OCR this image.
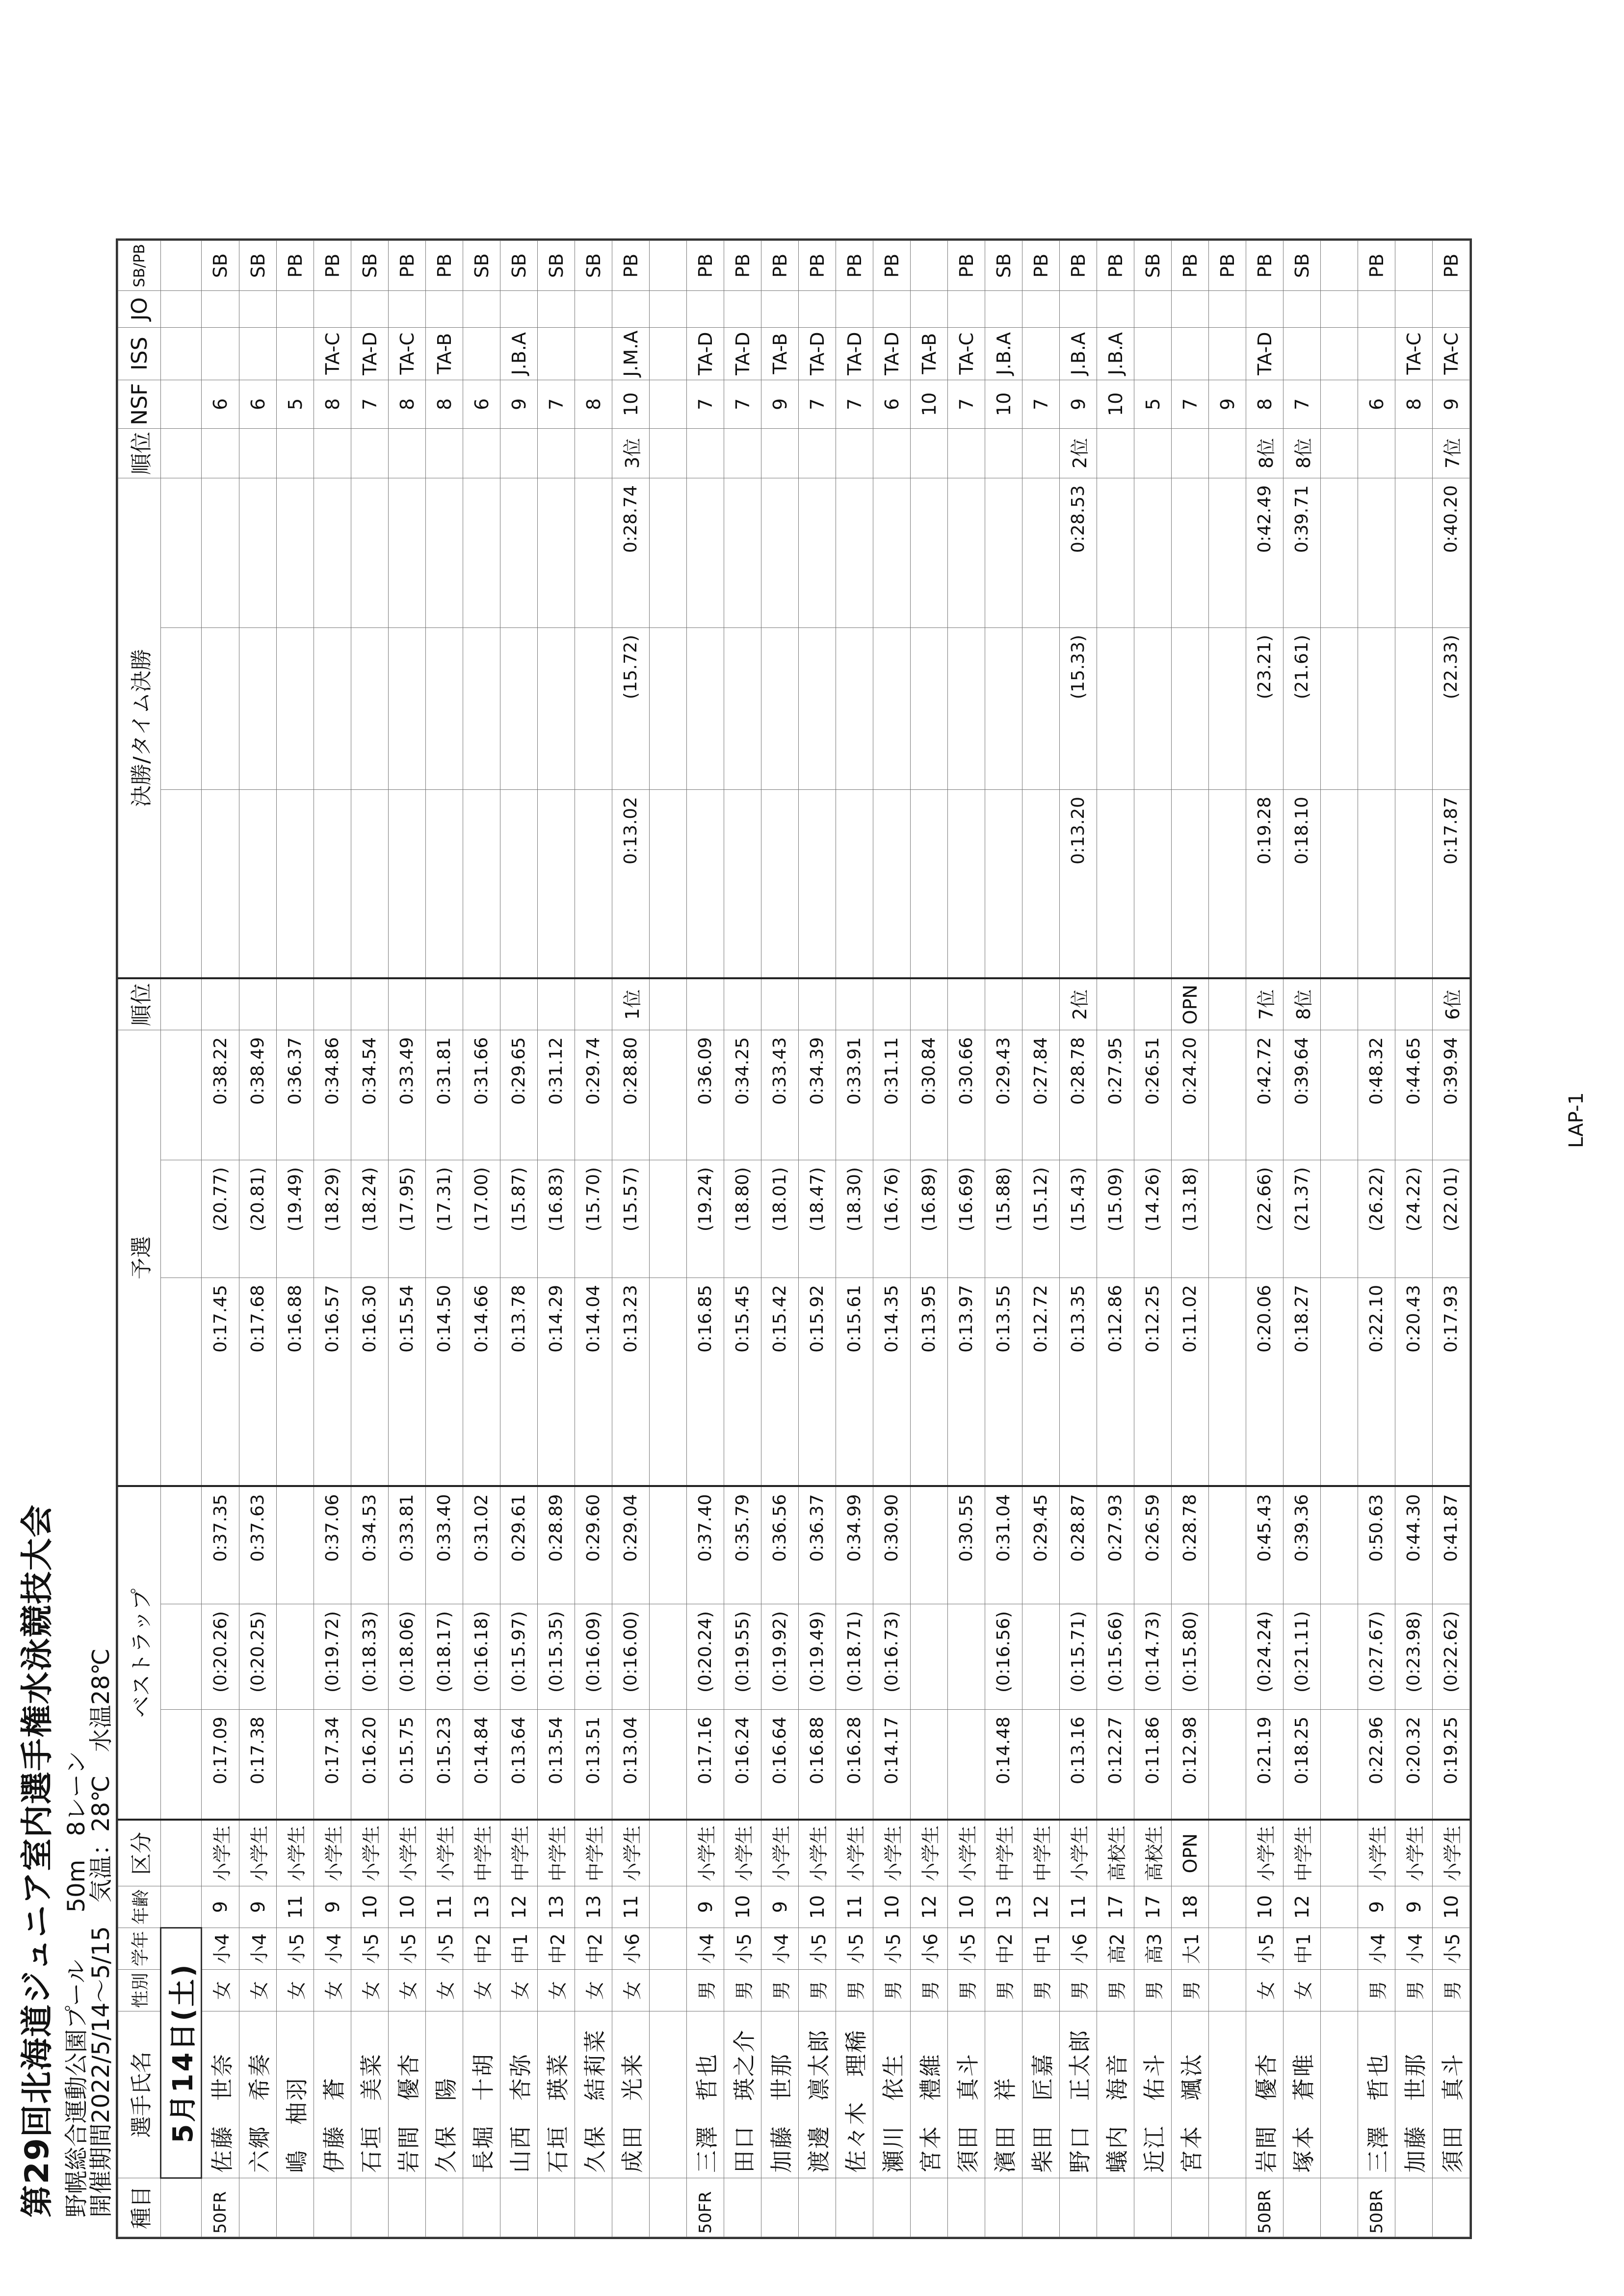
第29回北海道ジュニア室内選手権水泳競技大会 野幌総合運動公園プール　　50m　8レーン
開催期間2022/5/14～5/15　気温：28℃　水温28℃ 種目	選手氏名	性別	学年	年齢	区分	ベストラップ			予選			順位	決勝/タイム決勝			順位	NSF	ISS	JO	SB/PB
	5月14日(土)																			
50FR	佐藤　世奈	女	小4	9	小学生	0:17.09	(0:20.26)	0:37.35	0:17.45	(20.77)	0:38.22						6			SB
	六郷　希奏	女	小4	9	小学生	0:17.38	(0:20.25)	0:37.63	0:17.68	(20.81)	0:38.49						6			SB
	嶋　柚羽	女	小5	11	小学生				0:16.88	(19.49)	0:36.37						5			PB
	伊藤　蒼	女	小4	9	小学生	0:17.34	(0:19.72)	0:37.06	0:16.57	(18.29)	0:34.86						8	TA-C		PB
	石垣　美菜	女	小5	10	小学生	0:16.20	(0:18.33)	0:34.53	0:16.30	(18.24)	0:34.54						7	TA-D		SB
	岩間　優杏	女	小5	10	小学生	0:15.75	(0:18.06)	0:33.81	0:15.54	(17.95)	0:33.49						8	TA-C		PB
	久保　陽	女	小5	11	小学生	0:15.23	(0:18.17)	0:33.40	0:14.50	(17.31)	0:31.81						8	TA-B		PB
	長堀　十胡	女	中2	13	中学生	0:14.84	(0:16.18)	0:31.02	0:14.66	(17.00)	0:31.66						6			SB
	山西　杏弥	女	中1	12	中学生	0:13.64	(0:15.97)	0:29.61	0:13.78	(15.87)	0:29.65						9	J.B.A		SB
	石垣　瑛菜	女	中2	13	中学生	0:13.54	(0:15.35)	0:28.89	0:14.29	(16.83)	0:31.12						7			SB
	久保　結莉菜	女	中2	13	中学生	0:13.51	(0:16.09)	0:29.60	0:14.04	(15.70)	0:29.74						8			SB
	成田　光来	女	小6	11	小学生	0:13.04	(0:16.00)	0:29.04	0:13.23	(15.57)	0:28.80	1位	0:13.02	(15.72)	0:28.74	3位	10	J.M.A		PB

50FR	三澤　哲也	男	小4	9	小学生	0:17.16	(0:20.24)	0:37.40	0:16.85	(19.24)	0:36.09						7	TA-D		PB
	田口　瑛之介	男	小5	10	小学生	0:16.24	(0:19.55)	0:35.79	0:15.45	(18.80)	0:34.25						7	TA-D		PB
	加藤　世那	男	小4	9	小学生	0:16.64	(0:19.92)	0:36.56	0:15.42	(18.01)	0:33.43						9	TA-B		PB
	渡邊　凛太郎	男	小5	10	小学生	0:16.88	(0:19.49)	0:36.37	0:15.92	(18.47)	0:34.39						7	TA-D		PB
	佐々木　理稀	男	小5	11	小学生	0:16.28	(0:18.71)	0:34.99	0:15.61	(18.30)	0:33.91						7	TA-D		PB
	瀬川　依生	男	小5	10	小学生	0:14.17	(0:16.73)	0:30.90	0:14.35	(16.76)	0:31.11						6	TA-D		PB
	宮本　禮維	男	小6	12	小学生				0:13.95	(16.89)	0:30.84						10	TA-B		
	須田　真斗	男	小5	10	小学生			0:30.55	0:13.97	(16.69)	0:30.66						7	TA-C		PB
	濱田　祥	男	中2	13	中学生	0:14.48	(0:16.56)	0:31.04	0:13.55	(15.88)	0:29.43						10	J.B.A		SB
	柴田　匠嘉	男	中1	12	中学生			0:29.45	0:12.72	(15.12)	0:27.84						7			PB
	野口　正太郎	男	小6	11	小学生	0:13.16	(0:15.71)	0:28.87	0:13.35	(15.43)	0:28.78	2位	0:13.20	(15.33)	0:28.53	2位	9	J.B.A		PB
	蟻内　海音	男	高2	17	高校生	0:12.27	(0:15.66)	0:27.93	0:12.86	(15.09)	0:27.95						10	J.B.A		PB
	近江　佑斗	男	高3	17	高校生	0:11.86	(0:14.73)	0:26.59	0:12.25	(14.26)	0:26.51						5			SB
	宮本　颯汰	男	大1	18	OPN	0:12.98	(0:15.80)	0:28.78	0:11.02	(13.18)	0:24.20	OPN					7			PB
																	9			PB
50BR	岩間　優杏	女	小5	10	小学生	0:21.19	(0:24.24)	0:45.43	0:20.06	(22.66)	0:42.72	7位	0:19.28	(23.21)	0:42.49	8位	8	TA-D		PB
	塚本　蒼唯	女	中1	12	中学生	0:18.25	(0:21.11)	0:39.36	0:18.27	(21.37)	0:39.64	8位	0:18.10	(21.61)	0:39.71	8位	7			SB

50BR	三澤　哲也	男	小4	9	小学生	0:22.96	(0:27.67)	0:50.63	0:22.10	(26.22)	0:48.32						6			PB
	加藤　世那	男	小4	9	小学生	0:20.32	(0:23.98)	0:44.30	0:20.43	(24.22)	0:44.65						8	TA-C		
	須田　真斗	男	小5	10	小学生	0:19.25	(0:22.62)	0:41.87	0:17.93	(22.01)	0:39.94	6位	0:17.87	(22.33)	0:40.20	7位	9	TA-C		PB
LAP-1
